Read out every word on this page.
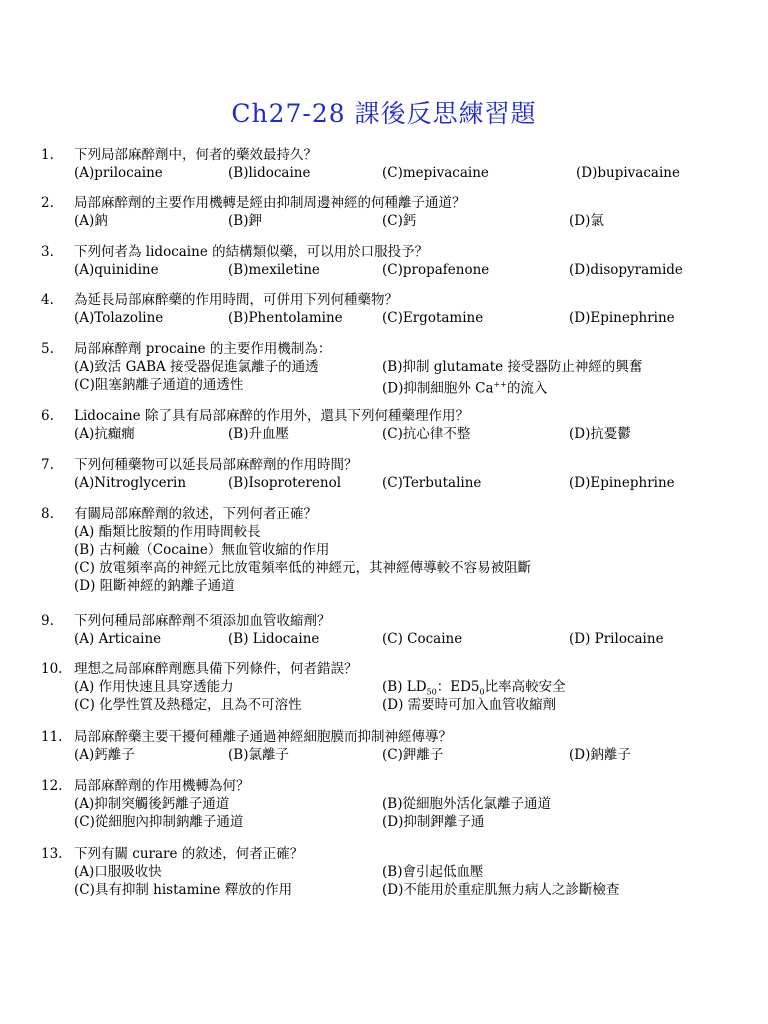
Ch27-28 課後反思練習題
1. 下列局部麻醉劑中，何者的藥效最持久？
(A)prilocaine	(B)lidocaine	(C)mepivacaine	(D)bupivacaine
2. 局部麻醉劑的主要作用機轉是經由抑制周邊神經的何種離子通道？
(A)鈉	(B)鉀	(C)鈣	(D)氯
3. 下列何者為 lidocaine 的結構類似藥，可以用於口服投予？
(A)quinidine	(B)mexiletine	(C)propafenone	(D)disopyramide
4. 為延長局部麻醉藥的作用時間，可併用下列何種藥物？
(A)Tolazoline	(B)Phentolamine	(C)Ergotamine	(D)Epinephrine
5. 局部麻醉劑 procaine 的主要作用機制為：
(A)致活 GABA 接受器促進氯離子的通透	(B)抑制 glutamate 接受器防止神經的興奮
(C)阻塞鈉離子通道的通透性	(D)抑制細胞外 Ca++的流入
6. Lidocaine 除了具有局部麻醉的作用外，還具下列何種藥理作用？
(A)抗癲癇	(B)升血壓	(C)抗心律不整	(D)抗憂鬱
7. 下列何種藥物可以延長局部麻醉劑的作用時間？
(A)Nitroglycerin	(B)Isoproterenol	(C)Terbutaline	(D)Epinephrine
8. 有關局部麻醉劑的敘述，下列何者正確？
(A) 酯類比胺類的作用時間較長
(B) 古柯鹼（Cocaine）無血管收縮的作用
(C) 放電頻率高的神經元比放電頻率低的神經元，其神經傳導較不容易被阻斷
(D) 阻斷神經的鈉離子通道
9. 下列何種局部麻醉劑不須添加血管收縮劑？
(A) Articaine	(B) Lidocaine	(C) Cocaine	(D) Prilocaine
10. 理想之局部麻醉劑應具備下列條件，何者錯誤？
(A) 作用快速且具穿透能力	(B) $LD_{50}$：$ED5_0$比率高較安全
(C) 化學性質及熱穩定，且為不可溶性	(D) 需要時可加入血管收縮劑
11. 局部麻醉藥主要干擾何種離子通過神經細胞膜而抑制神經傳導？
(A)鈣離子	(B)氯離子	(C)鉀離子	(D)鈉離子
12. 局部麻醉劑的作用機轉為何？
(A)抑制突觸後鈣離子通道	(B)從細胞外活化氯離子通道
(C)從細胞內抑制鈉離子通道	(D)抑制鉀離子通
13. 下列有關 curare 的敘述，何者正確？
(A)口服吸收快	(B)會引起低血壓
(C)具有抑制 histamine 釋放的作用	(D)不能用於重症肌無力病人之診斷檢查
